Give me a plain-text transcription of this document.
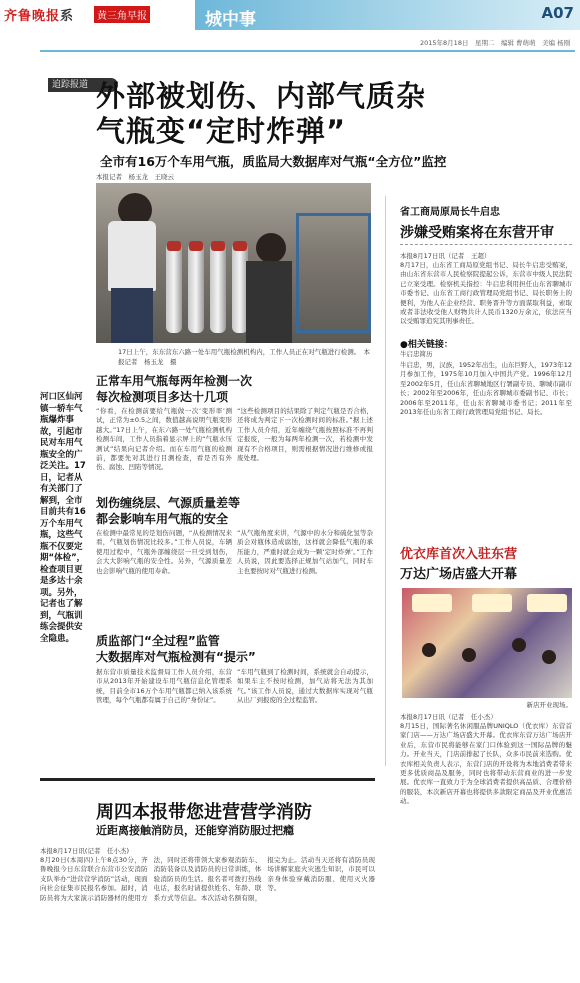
齐鲁晚报系	黄三角早报	城中事	A07
2015年8月18日　星期二　编辑 曹萌萌　美编 杨刚
追踪报道 外部被划伤、内部气质杂
气瓶变“定时炸弹”
全市有16万个车用气瓶，质监局大数据库对气瓶“全方位”监控
本报记者　杨玉龙　王晓云
17日上午，东东营东六路一处车用气瓶检测机构内，工作人员正在对气瓶进行检测。　本报记者　杨玉龙　摄
河口区仙河镇一轿车气瓶爆炸事故，引起市民对车用气瓶安全的广泛关注。17日，记者从有关部门了解到，全市目前共有16万个车用气瓶，这些气瓶不仅要定期“体检”，检查项目更是多达十余项。另外，记者也了解到，气瓶训练会提供安全隐患。
正常车用气瓶每两年检测一次
每次检测项目多达十几项
“你看，在检测前要给气瓶做一次‘变形率’测试，正常为±0.5之间，数值越高说明气瓶变形越大。”17日上午，在东六路一处气瓶检测机构检测车间，工作人员指着显示屏上的“气瓶水压测试”结果向记者介绍。而在车用气瓶的检测前，都要先对其进行目测检查，看是否有外伤、腐蚀、凹陷等情况。
“这些检测项目的结果除了判定气瓶是否合格，还将成为判定下一次检测时间的标准。”据上述工作人员介绍，近年缠绕气瓶按照标准不再判定报废，一般为每两年检测一次，若检测中发现有不合格项目，则需根据情况进行维修或报废处理。
划伤缠绕层、气源质量差等
都会影响车用气瓶的安全
在检测中最常见的是划伤问题，“从检测情况来看，气瓶划伤情况比较多。”工作人员说，车辆使用过程中，气瓶外部缠绕层一旦受到划伤，会大大影响气瓶的安全性。另外，气源质量差也会影响气瓶的使用寿命。
“从气瓶角度来讲，气源中的水分和硫化氢等杂质会对瓶体造成腐蚀，这样就会降低气瓶的承压能力，严重时就会成为一颗‘定时炸弹’。”工作人员说，因此要选择正规加气站加气，同时车主也要按时对气瓶进行检测。
质监部门“全过程”监管
大数据库对气瓶检测有“提示”
据东营市质量技术监督局工作人员介绍，东营市从2013年开始建设车用气瓶信息化管理系统，目前全市16万个车用气瓶都已纳入该系统管理，每个气瓶都有属于自己的“身份证”。
“车用气瓶到了检测时间，系统就会自动提示，如果车主不按时检测，加气站将无法为其加气。”该工作人员说，通过大数据库实现对气瓶从出厂到报废的全过程监管。
省工商局原局长牛启忠
涉嫌受贿案将在东营开审
本报8月17日讯（记者　王超）
8月17日，山东省工商局原党组书记、局长牛启忠受贿案，由山东省东营市人民检察院提起公诉，东营市中级人民法院已立案受理。检察机关指控：牛启忠利用担任山东省聊城市市委书记、山东省工商行政管理局党组书记、局长职务上的便利，为他人在企业经营、职务晋升等方面谋取利益，索取或者非法收受他人财物共计人民币1320万余元，依法应当以受贿罪追究其刑事责任。
●相关链接：
牛启忠简历
牛启忠，男，汉族，1952年出生，山东巨野人，1973年12月参加工作，1975年10月加入中国共产党。1996年12月至2002年5月，任山东省聊城地区行署副专员、聊城市副市长；2002年至2006年，任山东省聊城市委副书记、市长；2006年至2011年，任山东省聊城市委书记；2011年至2013年任山东省工商行政管理局党组书记、局长。
优衣库首次入驻东营
万达广场店盛大开幕
新店开业现场。
本报8月17日讯（记者　任小杰）
8月15日，国际著名休闲服品牌UNIQLO（优衣库）东营首家门店——万达广场店盛大开幕。优衣库东营万达广场店开业后，东营市民将能够在家门口体验到这一国际品牌的魅力。开业当天，门店前排起了长队，众多市民前来选购。优衣库相关负责人表示，东营门店的开设将为本地消费者带来更多优质商品及服务，同时也将带动东营商业的进一步发展。优衣库一直致力于为全球消费者提供高品质、合理价格的服装，本次新店开幕也将提供多款限定商品及开业优惠活动。
周四本报带您进营营学消防
近距离接触消防员，还能穿消防服过把瘾
本报8月17日讯(记者　任小杰)
8月20日(本周四)上午8点30分，齐鲁晚报今日东营联合东营市公安消防支队举办“进营营学消防”活动，现面向社会征集市民报名参加。届时，消防员将为大家演示消防器材的使用方法，同时还将带领大家参观消防车、消防装备以及消防员的日常训练，体验消防员的生活。报名者可拨打热线电话，报名时请提供姓名、年龄、联系方式等信息。本次活动名额有限，报完为止。活动当天还将有消防员现场讲解家庭火灾逃生知识，市民可以亲身体验穿戴消防服、使用灭火器等。
